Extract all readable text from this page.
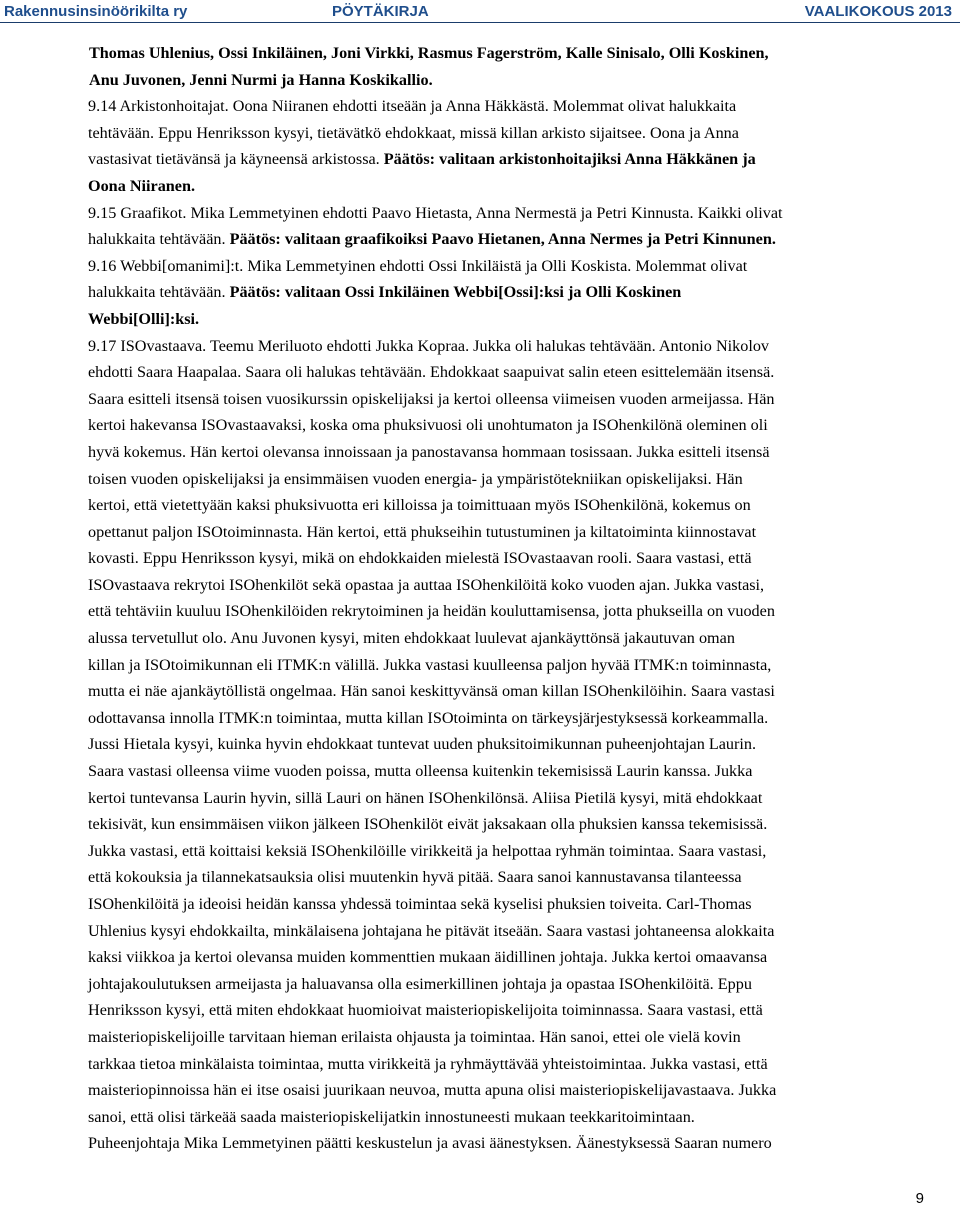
Rakennusinsinöörikilta ry	PÖYTÄKIRJA	VAALIKOKOUS 2013

Thomas Uhlenius, Ossi Inkiläinen, Joni Virkki, Rasmus Fagerström, Kalle Sinisalo, Olli Koskinen,
Anu Juvonen, Jenni Nurmi ja Hanna Koskikallio.

9.14 Arkistonhoitajat. Oona Niiranen ehdotti itseään ja Anna Häkkästä. Molemmat olivat halukkaita
tehtävään. Eppu Henriksson kysyi, tietävätkö ehdokkaat, missä killan arkisto sijaitsee. Oona ja Anna
vastasivat tietävänsä ja käyneensä arkistossa. Päätös: valitaan arkistonhoitajiksi Anna Häkkänen ja
Oona Niiranen.

9.15 Graafikot. Mika Lemmetyinen ehdotti Paavo Hietasta, Anna Nermestä ja Petri Kinnusta. Kaikki olivat
halukkaita tehtävään. Päätös: valitaan graafikoiksi Paavo Hietanen, Anna Nermes ja Petri Kinnunen.

9.16 Webbi[omanimi]:t. Mika Lemmetyinen ehdotti Ossi Inkiläistä ja Olli Koskista. Molemmat olivat
halukkaita tehtävään. Päätös: valitaan Ossi Inkiläinen Webbi[Ossi]:ksi ja Olli Koskinen
Webbi[Olli]:ksi.

9.17 ISOvastaava. Teemu Meriluoto ehdotti Jukka Kopraa. Jukka oli halukas tehtävään. Antonio Nikolov
ehdotti Saara Haapalaa. Saara oli halukas tehtävään. Ehdokkaat saapuivat salin eteen esittelemään itsensä.
Saara esitteli itsensä toisen vuosikurssin opiskelijaksi ja kertoi olleensa viimeisen vuoden armeijassa. Hän
kertoi hakevansa ISOvastaavaksi, koska oma phuksivuosi oli unohtumaton ja ISOhenkilönä oleminen oli
hyvä kokemus. Hän kertoi olevansa innoissaan ja panostavansa hommaan tosissaan. Jukka esitteli itsensä
toisen vuoden opiskelijaksi ja ensimmäisen vuoden energia- ja ympäristötekniikan opiskelijaksi. Hän
kertoi, että vietettyään kaksi phuksivuotta eri killoissa ja toimittuaan myös ISOhenkilönä, kokemus on
opettanut paljon ISOtoiminnasta. Hän kertoi, että phukseihin tutustuminen ja kiltatoiminta kiinnostavat
kovasti. Eppu Henriksson kysyi, mikä on ehdokkaiden mielestä ISOvastaavan rooli. Saara vastasi, että
ISOvastaava rekrytoi ISOhenkilöt sekä opastaa ja auttaa ISOhenkilöitä koko vuoden ajan. Jukka vastasi,
että tehtäviin kuuluu ISOhenkilöiden rekrytoiminen ja heidän kouluttamisensa, jotta phukseilla on vuoden
alussa tervetullut olo. Anu Juvonen kysyi, miten ehdokkaat luulevat ajankäyttönsä jakautuvan oman
killan ja ISOtoimikunnan eli ITMK:n välillä. Jukka vastasi kuulleensa paljon hyvää ITMK:n toiminnasta,
mutta ei näe ajankäytöllistä ongelmaa. Hän sanoi keskittyvänsä oman killan ISOhenkilöihin. Saara vastasi
odottavansa innolla ITMK:n toimintaa, mutta killan ISOtoiminta on tärkeysjärjestyksessä korkeammalla.
Jussi Hietala kysyi, kuinka hyvin ehdokkaat tuntevat uuden phuksitoimikunnan puheenjohtajan Laurin.
Saara vastasi olleensa viime vuoden poissa, mutta olleensa kuitenkin tekemisissä Laurin kanssa. Jukka
kertoi tuntevansa Laurin hyvin, sillä Lauri on hänen ISOhenkilönsä. Aliisa Pietilä kysyi, mitä ehdokkaat
tekisivät, kun ensimmäisen viikon jälkeen ISOhenkilöt eivät jaksakaan olla phuksien kanssa tekemisissä.
Jukka vastasi, että koittaisi keksiä ISOhenkilöille virikkeitä ja helpottaa ryhmän toimintaa. Saara vastasi,
että kokouksia ja tilannekatsauksia olisi muutenkin hyvä pitää. Saara sanoi kannustavansa tilanteessa
ISOhenkilöitä ja ideoisi heidän kanssa yhdessä toimintaa sekä kyselisi phuksien toiveita. Carl-Thomas
Uhlenius kysyi ehdokkailta, minkälaisena johtajana he pitävät itseään. Saara vastasi johtaneensa alokkaita
kaksi viikkoa ja kertoi olevansa muiden kommenttien mukaan äidillinen johtaja. Jukka kertoi omaavansa
johtajakoulutuksen armeijasta ja haluavansa olla esimerkillinen johtaja ja opastaa ISOhenkilöitä. Eppu
Henriksson kysyi, että miten ehdokkaat huomioivat maisteriopiskelijoita toiminnassa. Saara vastasi, että
maisteriopiskelijoille tarvitaan hieman erilaista ohjausta ja toimintaa. Hän sanoi, ettei ole vielä kovin
tarkkaa tietoa minkälaista toimintaa, mutta virikkeitä ja ryhmäyttävää yhteistoimintaa. Jukka vastasi, että
maisteriopinnoissa hän ei itse osaisi juurikaan neuvoa, mutta apuna olisi maisteriopiskelijavastaava. Jukka
sanoi, että olisi tärkeää saada maisteriopiskelijatkin innostuneesti mukaan teekkaritoimintaan.
Puheenjohtaja Mika Lemmetyinen päätti keskustelun ja avasi äänestyksen. Äänestyksessä Saaran numero

9
